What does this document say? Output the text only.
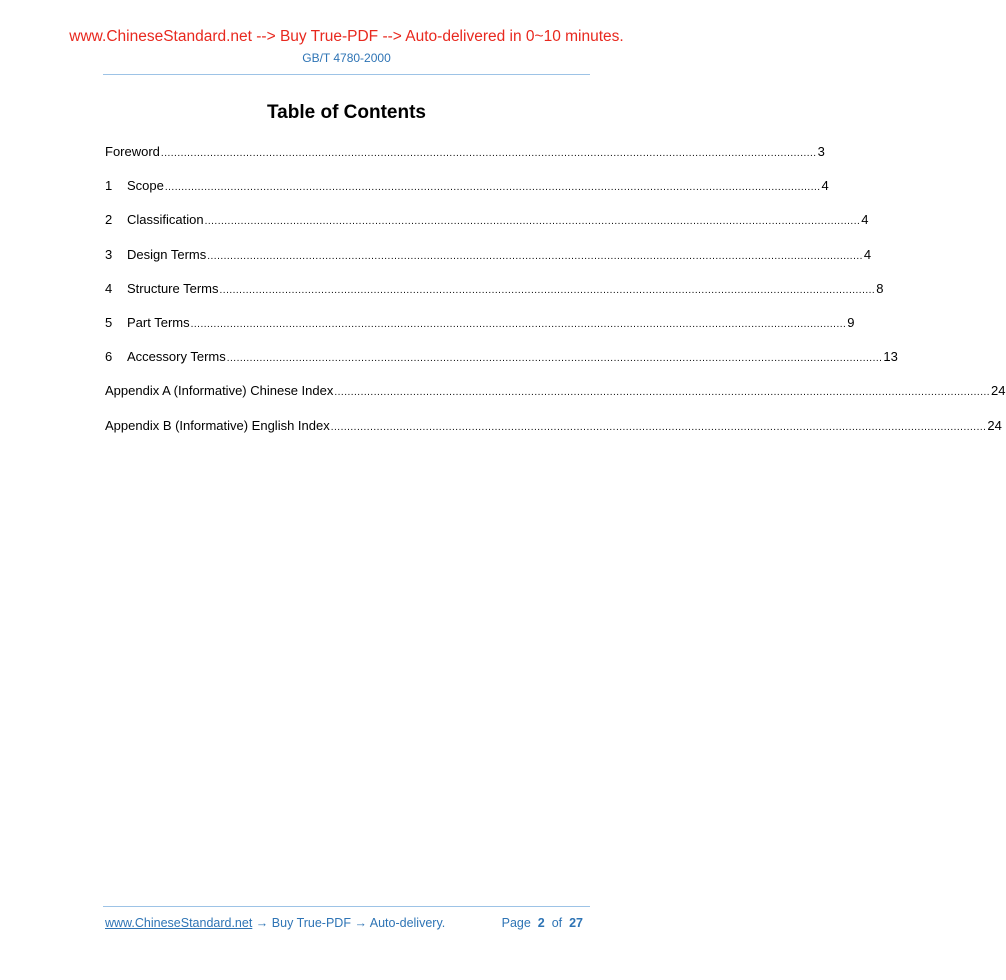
www.ChineseStandard.net --> Buy True-PDF --> Auto-delivered in 0~10 minutes.
GB/T 4780-2000
Table of Contents
Foreword ........................................................................................................................................................................................................ 3
1	Scope ........................................................................................................................................................................................................ 4
2	Classification ........................................................................................................................................................................................................ 4
3	Design Terms ........................................................................................................................................................................................................ 4
4	Structure Terms ........................................................................................................................................................................................................ 8
5	Part Terms ........................................................................................................................................................................................................ 9
6	Accessory Terms ........................................................................................................................................................................................................ 13
Appendix A (Informative) Chinese Index ........................................................................................................................................................................................................ 24
Appendix B (Informative) English Index ........................................................................................................................................................................................................ 24
www.ChineseStandard.net → Buy True-PDF → Auto-delivery.	Page 2 of 27
